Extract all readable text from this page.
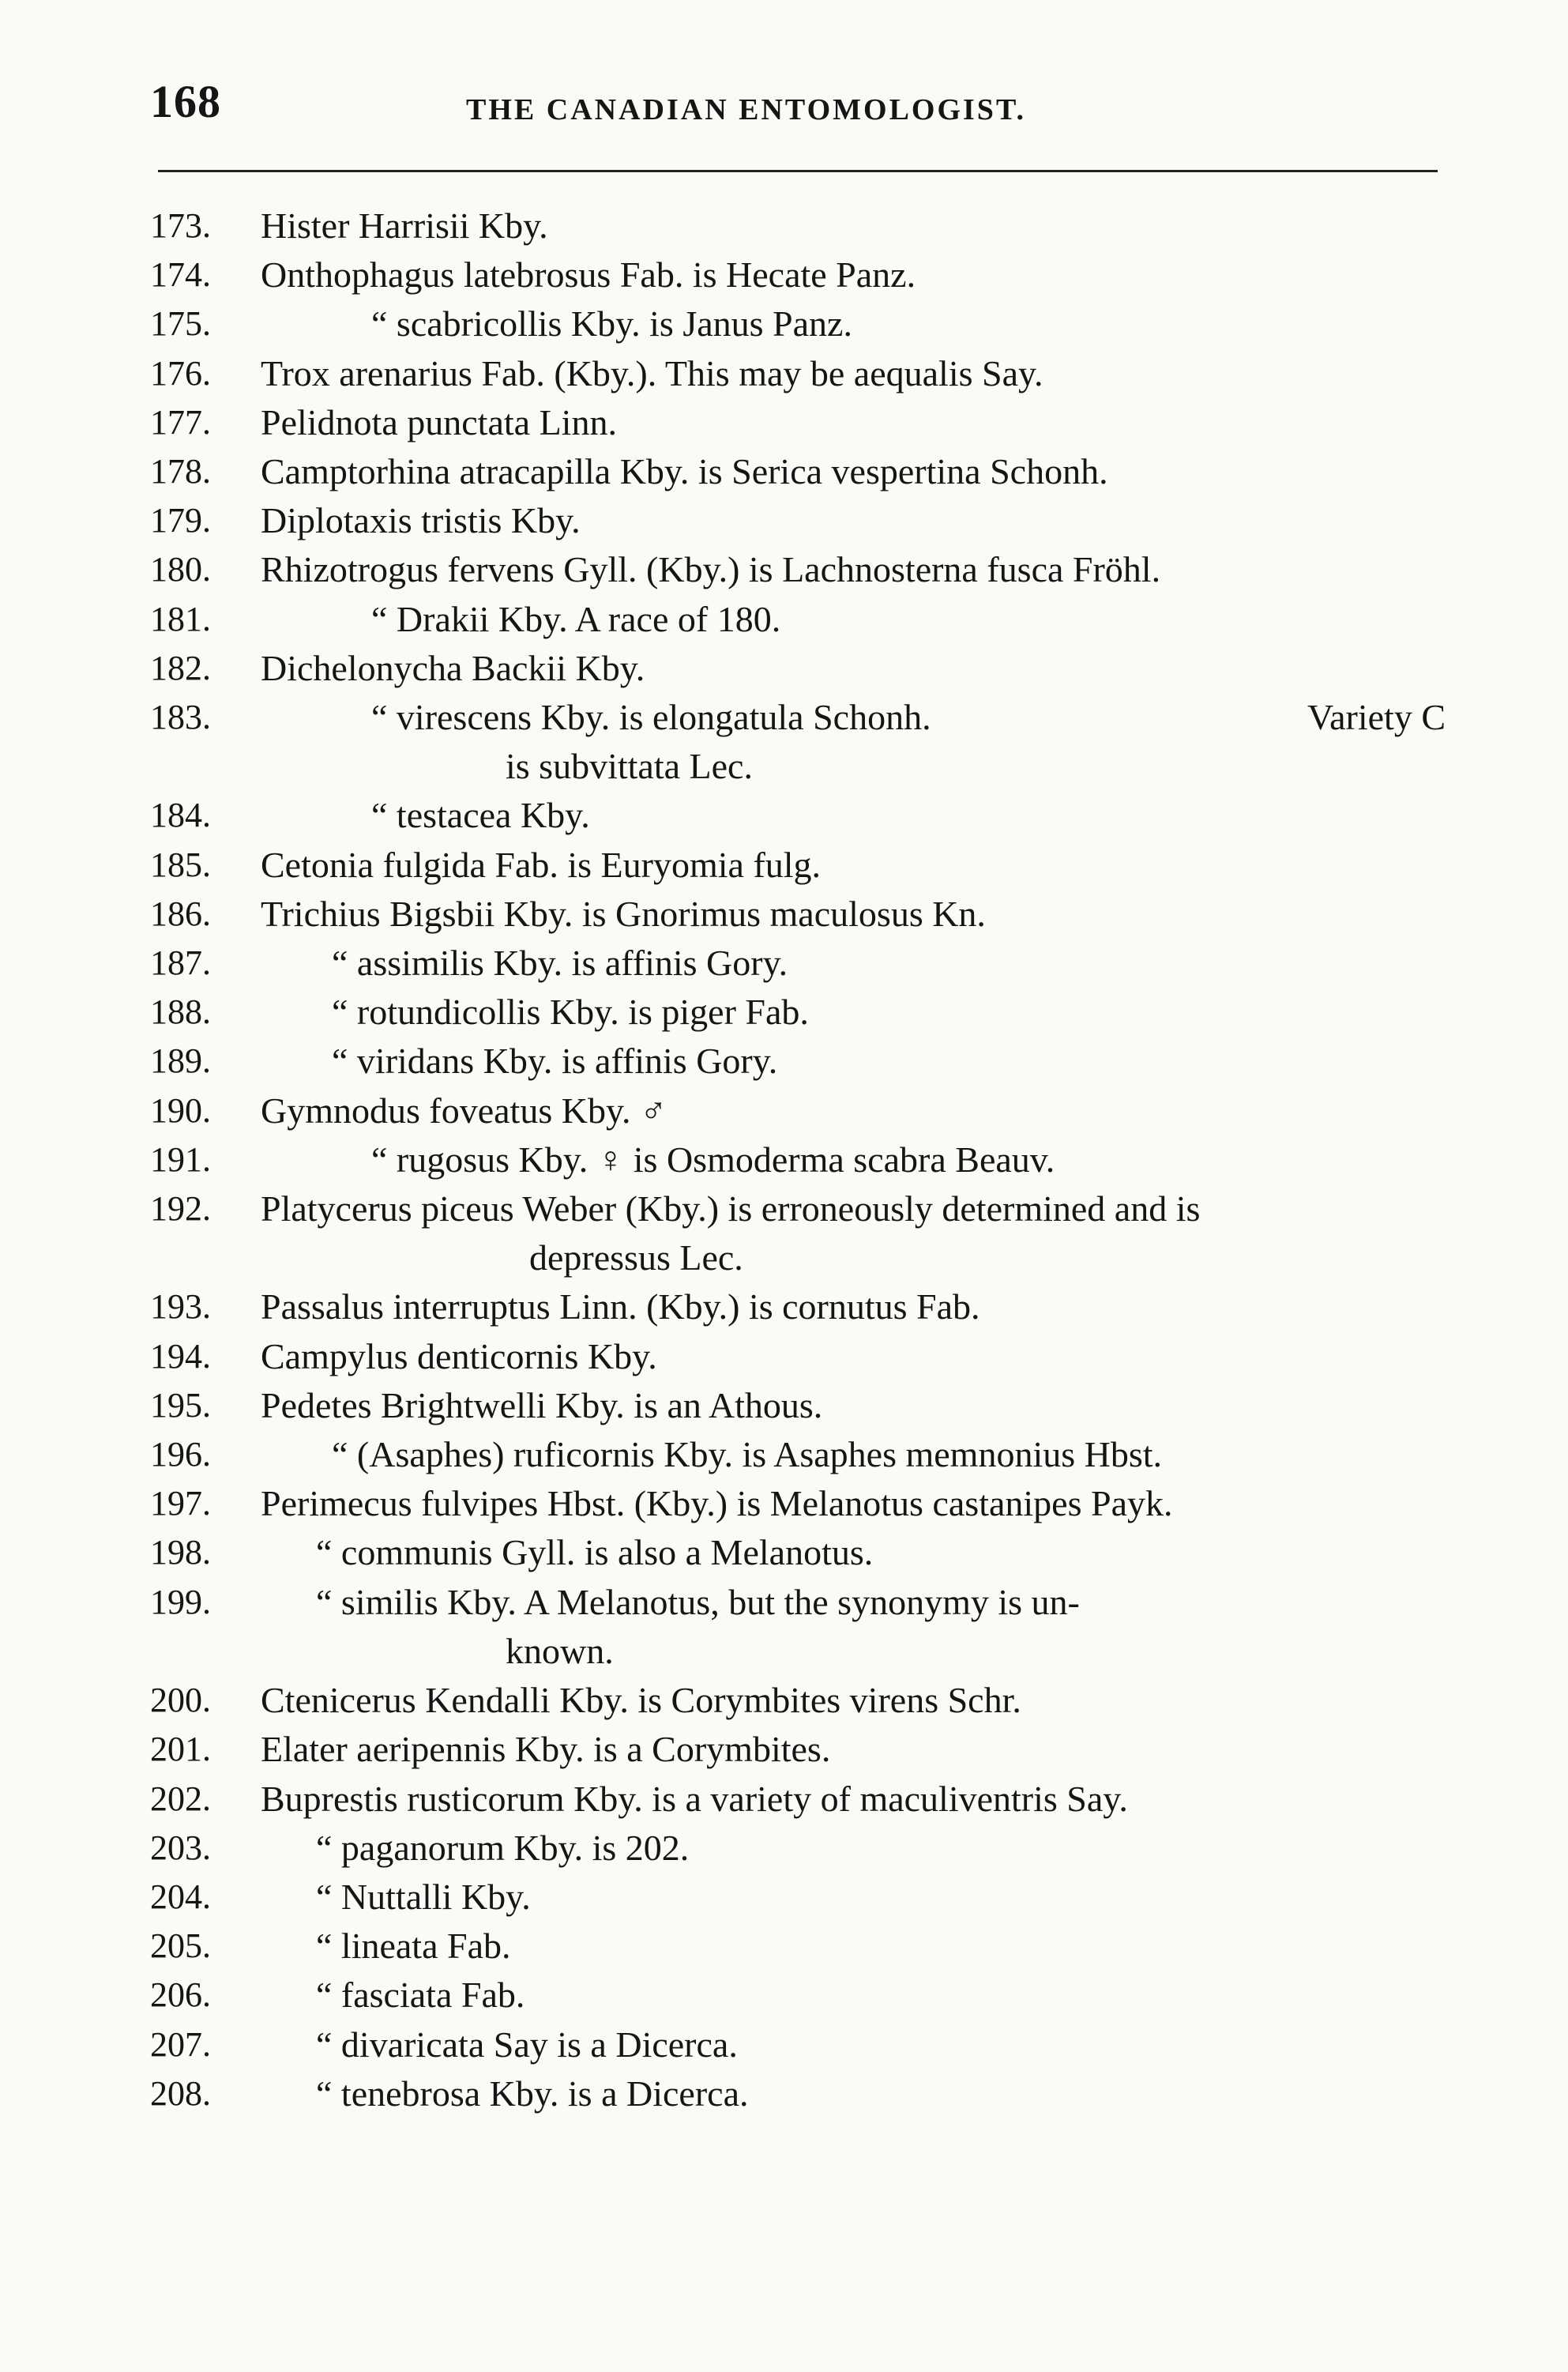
168	THE CANADIAN ENTOMOLOGIST.
173.	Hister Harrisii Kby.
174.	Onthophagus latebrosus Fab. is Hecate Panz.
175.	“ scabricollis Kby. is Janus Panz.
176.	Trox arenarius Fab. (Kby.). This may be aequalis Say.
177.	Pelidnota punctata Linn.
178.	Camptorhina atracapilla Kby. is Serica vespertina Schonh.
179.	Diplotaxis tristis Kby.
180.	Rhizotrogus fervens Gyll. (Kby.) is Lachnosterna fusca Fröhl.
181.	“ Drakii Kby. A race of 180.
182.	Dichelonycha Backii Kby.
183.	“ virescens Kby. is elongatula Schonh.	Variety C
is subvittata Lec.
184.	“ testacea Kby.
185.	Cetonia fulgida Fab. is Euryomia fulg.
186.	Trichius Bigsbii Kby. is Gnorimus maculosus Kn.
187.	“ assimilis Kby. is affinis Gory.
188.	“ rotundicollis Kby. is piger Fab.
189.	“ viridans Kby. is affinis Gory.
190.	Gymnodus foveatus Kby. ♂
191.	“ rugosus Kby. ♀ is Osmoderma scabra Beauv.
192.	Platycerus piceus Weber (Kby.) is erroneously determined and is
depressus Lec.
193.	Passalus interruptus Linn. (Kby.) is cornutus Fab.
194.	Campylus denticornis Kby.
195.	Pedetes Brightwelli Kby. is an Athous.
196.	“ (Asaphes) ruficornis Kby. is Asaphes memnonius Hbst.
197.	Perimecus fulvipes Hbst. (Kby.) is Melanotus castanipes Payk.
198.	“ communis Gyll. is also a Melanotus.
199.	“ similis Kby. A Melanotus, but the synonymy is un-
known.
200.	Ctenicerus Kendalli Kby. is Corymbites virens Schr.
201.	Elater aeripennis Kby. is a Corymbites.
202.	Buprestis rusticorum Kby. is a variety of maculiventris Say.
203.	“ paganorum Kby. is 202.
204.	“ Nuttalli Kby.
205.	“ lineata Fab.
206.	“ fasciata Fab.
207.	“ divaricata Say is a Dicerca.
208.	“ tenebrosa Kby. is a Dicerca.
